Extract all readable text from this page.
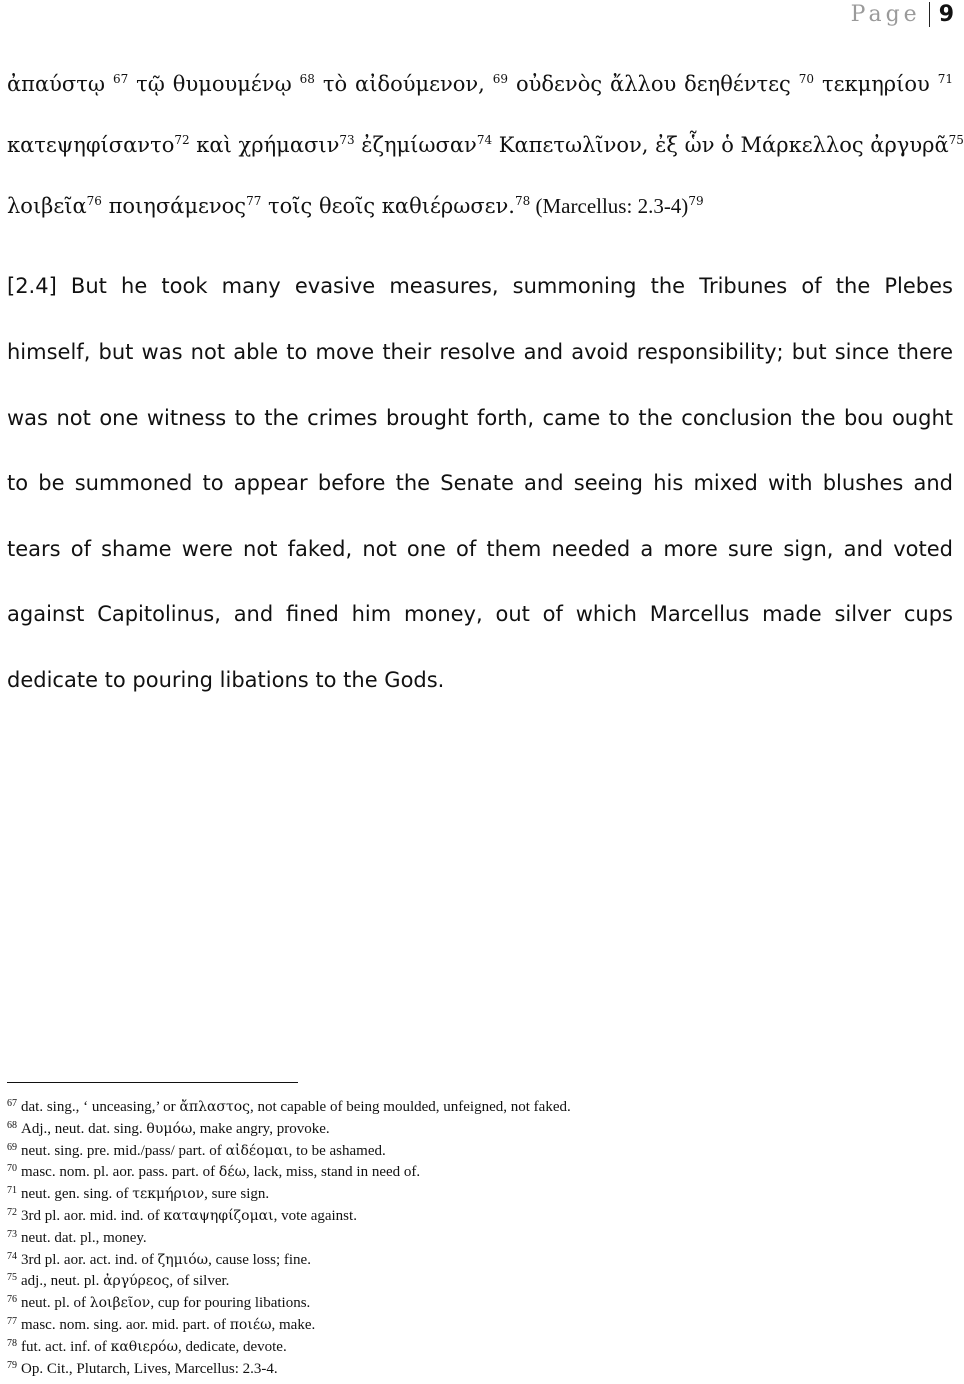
Page 9
ἀπαύστῳ $^{67}$ τῷ θυμουμένῳ $^{68}$ τὸ αἰδούμενον, $^{69}$ οὐδενὸς ἄλλου δεηθέντες $^{70}$ τεκμηρίου $^{71}$
κατεψηφίσαντο$^{72}$ καὶ χρήμασιν$^{73}$ ἐζημίωσαν$^{74}$ Καπετωλῖνον, ἐξ ὧν ὁ Μάρκελλος ἀργυρᾶ$^{75}$
λοιβεῖα$^{76}$ ποιησάμενος$^{77}$ τοῖς θεοῖς καθιέρωσεν.$^{78}$ (Marcellus: 2.3-4)$^{79}$
[2.4] But he took many evasive measures, summoning the Tribunes of the Plebes
himself, but was not able to move their resolve and avoid responsibility; but since there
was not one witness to the crimes brought forth, came to the conclusion the bou ought
to be summoned to appear before the Senate and seeing his mixed with blushes and
tears of shame were not faked, not one of them needed a more sure sign, and voted
against Capitolinus, and fined him money, out of which Marcellus made silver cups
dedicate to pouring libations to the Gods.
$^{67}$ dat. sing., ‘ unceasing,’ or ἄπλαστος, not capable of being moulded, unfeigned, not faked.
$^{68}$ Adj., neut. dat. sing. θυμόω, make angry, provoke.
$^{69}$ neut. sing. pre. mid./pass/ part. of αἰδέομαι, to be ashamed.
$^{70}$ masc. nom. pl. aor. pass. part. of δέω, lack, miss, stand in need of.
$^{71}$ neut. gen. sing. of τεκμήριον, sure sign.
$^{72}$ 3rd pl. aor. mid. ind. of καταψηφίζομαι, vote against.
$^{73}$ neut. dat. pl., money.
$^{74}$ 3rd pl. aor. act. ind. of ζημιόω, cause loss; fine.
$^{75}$ adj., neut. pl. ἀργύρεος, of silver.
$^{76}$ neut. pl. of λοιβεῖον, cup for pouring libations.
$^{77}$ masc. nom. sing. aor. mid. part. of ποιέω, make.
$^{78}$ fut. act. inf. of καθιερόω, dedicate, devote.
$^{79}$ Op. Cit., Plutarch, Lives, Marcellus: 2.3-4.
